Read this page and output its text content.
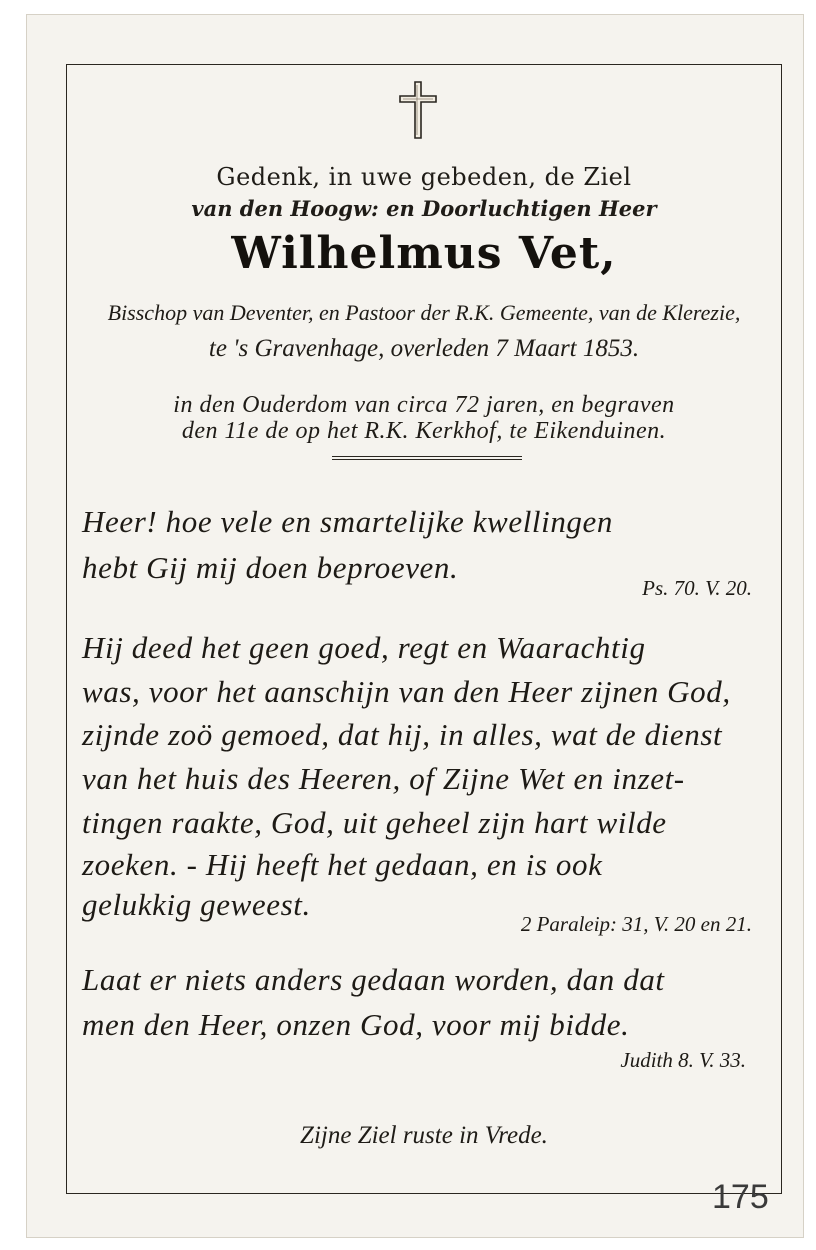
Gedenk, in uwe gebeden, de Ziel
van den Hoogw: en Doorluchtigen Heer
Wilhelmus Vet,
Bisschop van Deventer, en Pastoor der R.K. Gemeente, van de Klerezie,
te 's Gravenhage, overleden 7 Maart 1853.
in den Ouderdom van circa 72 jaren, en begraven
den 11e de op het R.K. Kerkhof, te Eikenduinen.
Heer! hoe vele en smartelijke kwellingen
hebt Gij mij doen beproeven.
Ps. 70. V. 20.
Hij deed het geen goed, regt en Waarachtig
was, voor het aanschijn van den Heer zijnen God,
zijnde zoö gemoed, dat hij, in alles, wat de dienst
van het huis des Heeren, of Zijne Wet en inzet-
tingen raakte, God, uit geheel zijn hart wilde
zoeken. - Hij heeft het gedaan, en is ook
gelukkig geweest.
2 Paraleip: 31, V. 20 en 21.
Laat er niets anders gedaan worden, dan dat
men den Heer, onzen God, voor mij bidde.
Judith 8. V. 33.
Zijne Ziel ruste in Vrede.
175
